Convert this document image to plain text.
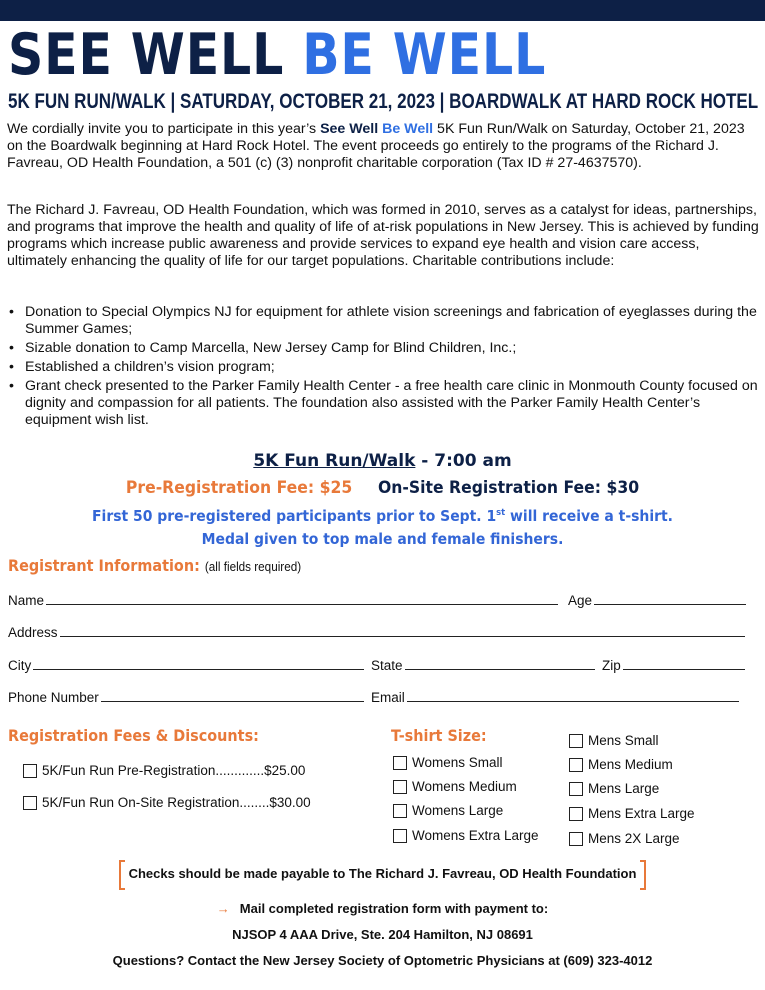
SEE WELL BE WELL
5K FUN RUN/WALK | SATURDAY, OCTOBER 21, 2023 | BOARDWALK AT HARD ROCK HOTEL

We cordially invite you to participate in this year’s See Well Be Well 5K Fun Run/Walk on Saturday, October 21, 2023 on the Boardwalk beginning at Hard Rock Hotel. The event proceeds go entirely to the programs of the Richard J. Favreau, OD Health Foundation, a 501 (c) (3) nonprofit charitable corporation (Tax ID # 27-4637570).

The Richard J. Favreau, OD Health Foundation, which was formed in 2010, serves as a catalyst for ideas, partnerships, and programs that improve the health and quality of life of at-risk populations in New Jersey. This is achieved by funding programs which increase public awareness and provide services to expand eye health and vision care access, ultimately enhancing the quality of life for our target populations. Charitable contributions include:

• Donation to Special Olympics NJ for equipment for athlete vision screenings and fabrication of eyeglasses during the Summer Games;
• Sizable donation to Camp Marcella, New Jersey Camp for Blind Children, Inc.;
• Established a children’s vision program;
• Grant check presented to the Parker Family Health Center - a free health care clinic in Monmouth County focused on dignity and compassion for all patients. The foundation also assisted with the Parker Family Health Center’s equipment wish list.
5K Fun Run/Walk - 7:00 am
Pre-Registration Fee: $25 On-Site Registration Fee: $30
First 50 pre-registered participants prior to Sept. 1st will receive a t-shirt.
Medal given to top male and female finishers.
Registrant Information: (all fields required)
Name	Age
Address
City	State	Zip
Phone Number	Email
Registration Fees & Discounts:
5K/Fun Run Pre-Registration.............$25.00
5K/Fun Run On-Site Registration........$30.00
T-shirt Size:
Womens Small
Womens Medium
Womens Large
Womens Extra Large
Mens Small
Mens Medium
Mens Large
Mens Extra Large
Mens 2X Large
Checks should be made payable to The Richard J. Favreau, OD Health Foundation
→ Mail completed registration form with payment to:
NJSOP 4 AAA Drive, Ste. 204 Hamilton, NJ 08691
Questions? Contact the New Jersey Society of Optometric Physicians at (609) 323-4012
